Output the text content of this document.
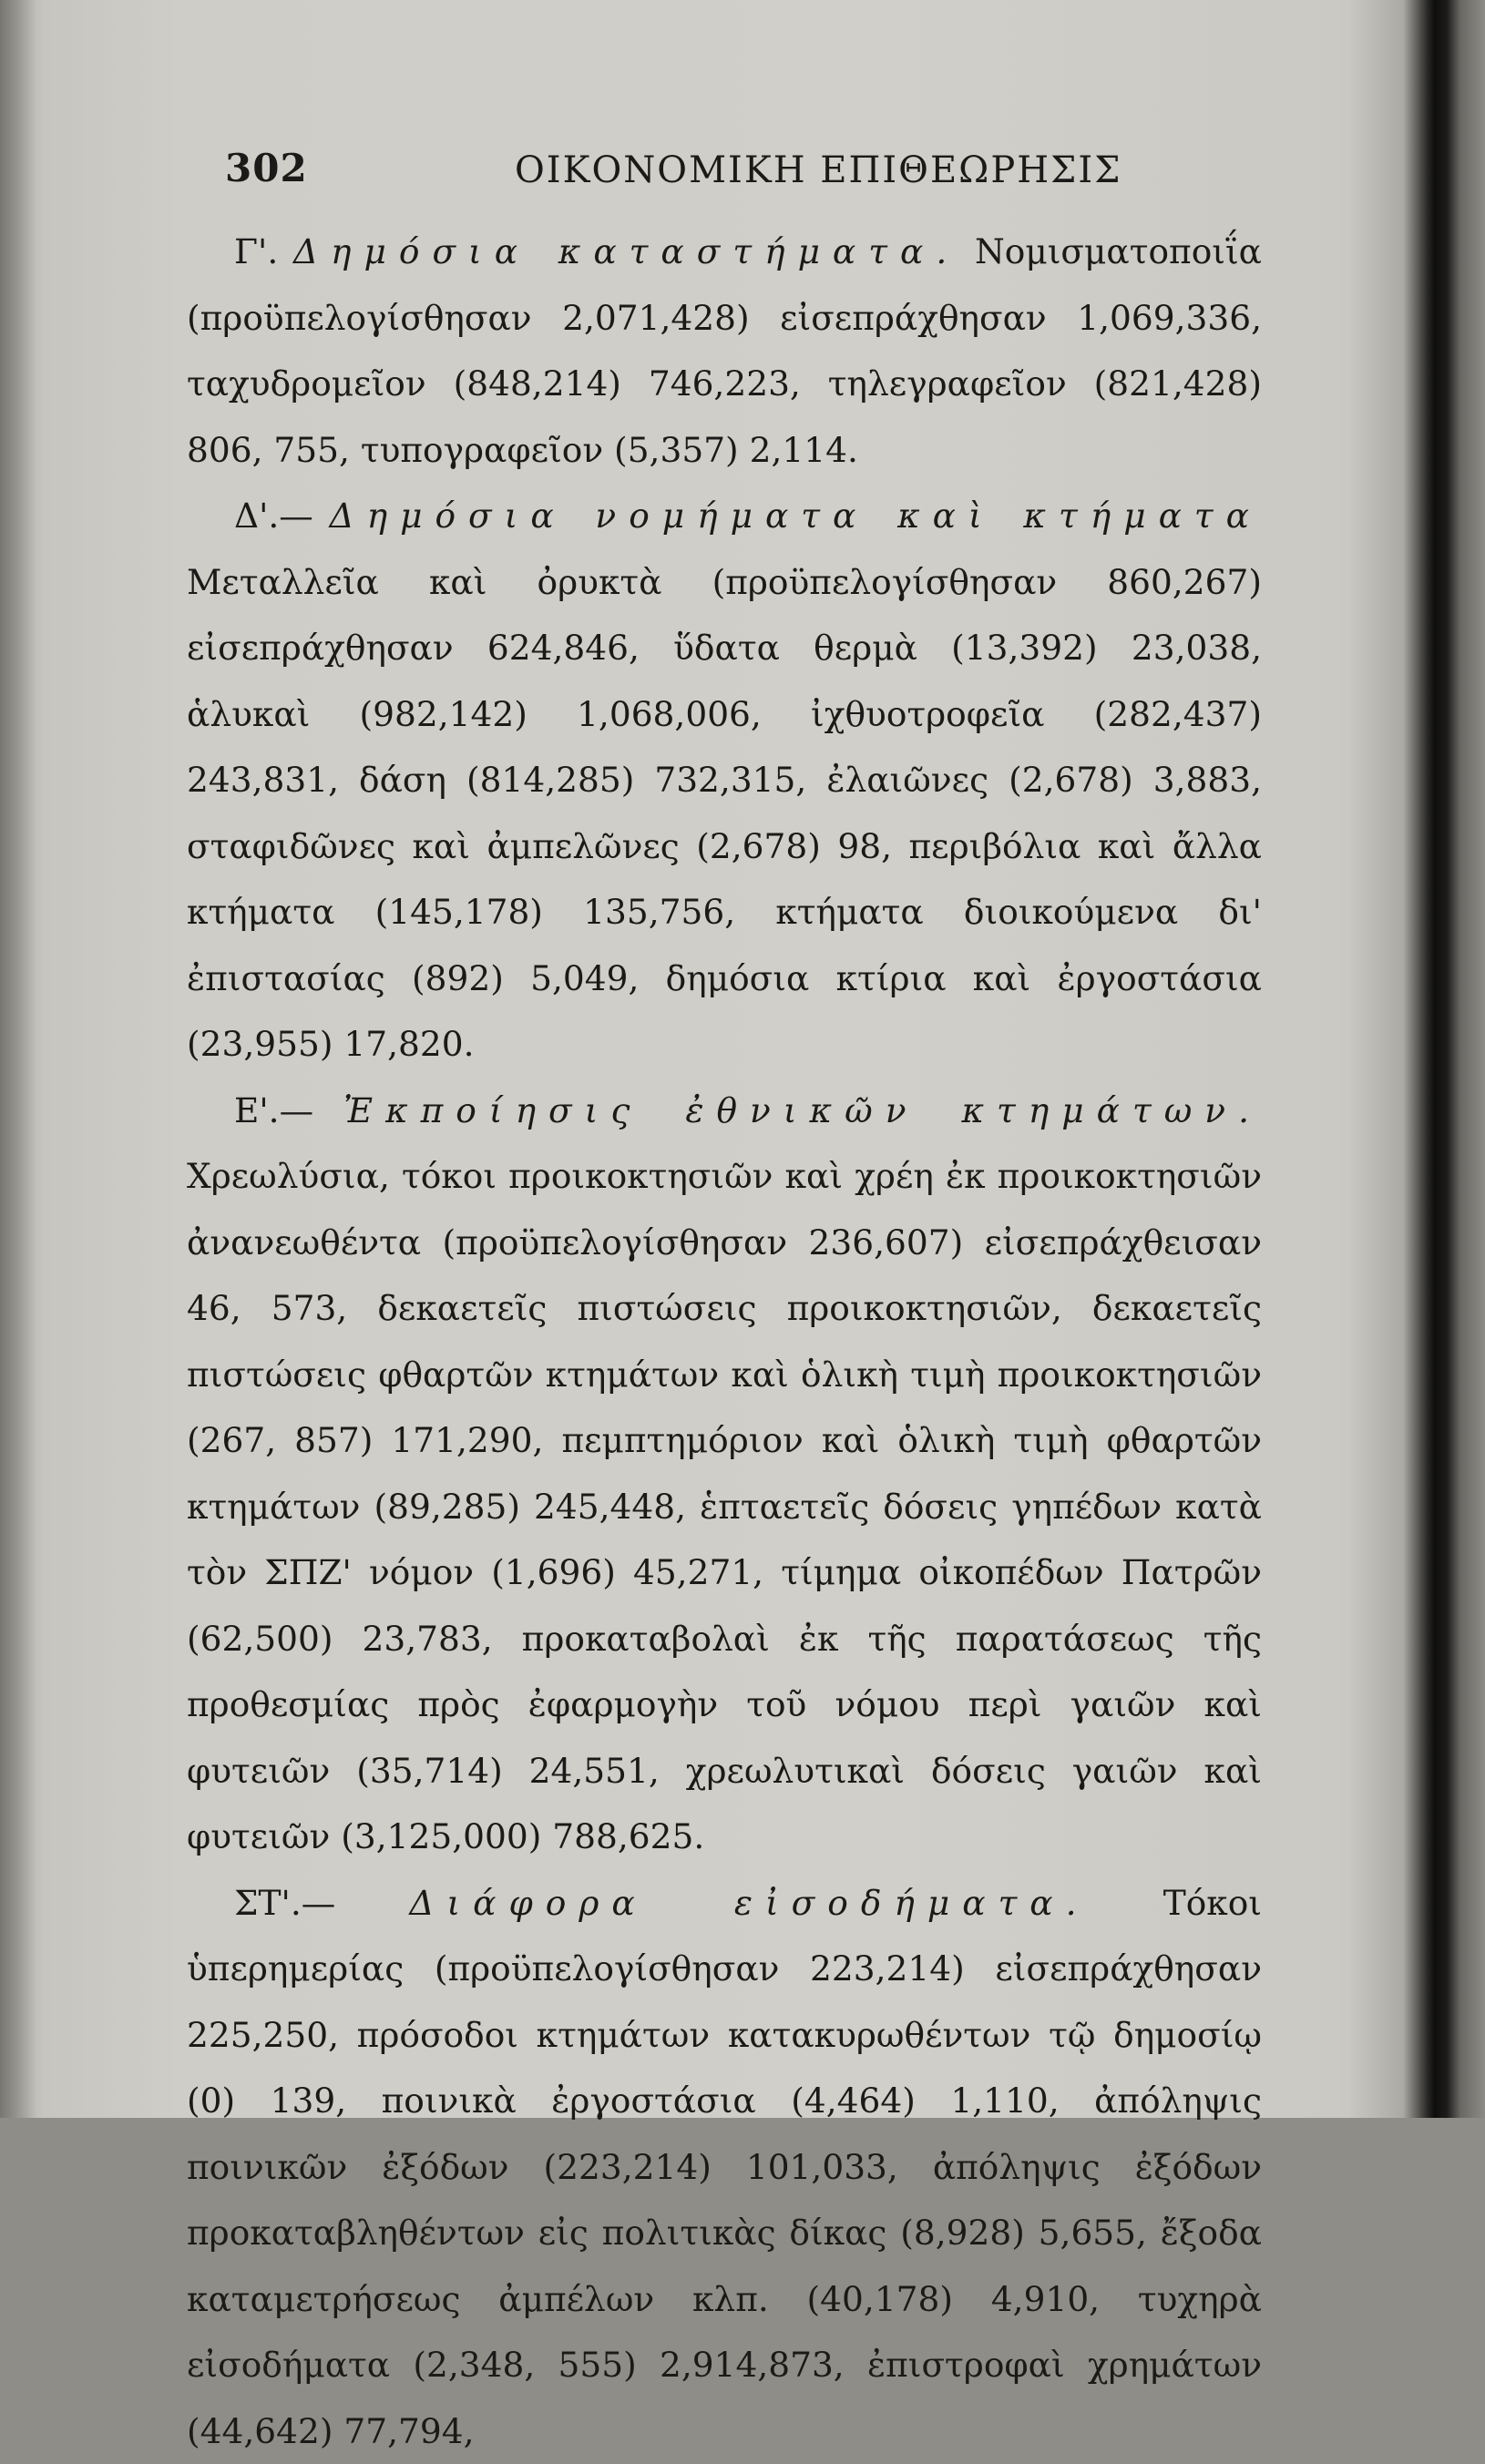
302	ΟΙΚΟΝΟΜΙΚΗ ΕΠΙΘΕΩΡΗΣΙΣ

Γ'. Δημόσια καταστήματα. Νομισματοποιΐα (προϋπελογίσθησαν 2,071,428) εἰσεπράχθησαν 1,069,336, ταχυδρομεῖον (848,214) 746,223, τηλεγραφεῖον (821,428) 806, 755, τυπογραφεῖον (5,357) 2,114.

Δ'.— Δημόσια νομήματα καὶ κτήματα Μεταλλεῖα καὶ ὀρυκτὰ (προϋπελογίσθησαν 860,267) εἰσεπράχθησαν 624,846, ὕδατα θερμὰ (13,392) 23,038, ἁλυκαὶ (982,142) 1,068,006, ἰχθυοτροφεῖα (282,437) 243,831, δάση (814,285) 732,315, ἐλαιῶνες (2,678) 3,883, σταφιδῶνες καὶ ἀμπελῶνες (2,678) 98, περιβόλια καὶ ἄλλα κτήματα (145,178) 135,756, κτήματα διοικούμενα δι' ἐπιστασίας (892) 5,049, δημόσια κτίρια καὶ ἐργοστάσια (23,955) 17,820.

Ε'.— Ἐκποίησις ἐθνικῶν κτημάτων. Χρεωλύσια, τόκοι προικοκτησιῶν καὶ χρέη ἐκ προικοκτησιῶν ἀνανεωθέντα (προϋπελογίσθησαν 236,607) εἰσεπράχθεισαν 46, 573, δεκαετεῖς πιστώσεις προικοκτησιῶν, δεκαετεῖς πιστώσεις φθαρτῶν κτημάτων καὶ ὁλικὴ τιμὴ προικοκτησιῶν (267, 857) 171,290, πεμπτημόριον καὶ ὁλικὴ τιμὴ φθαρτῶν κτημάτων (89,285) 245,448, ἑπταετεῖς δόσεις γηπέδων κατὰ τὸν ΣΠΖ' νόμον (1,696) 45,271, τίμημα οἰκοπέδων Πατρῶν (62,500) 23,783, προκαταβολαὶ ἐκ τῆς παρατάσεως τῆς προθεσμίας πρὸς ἐφαρμογὴν τοῦ νόμου περὶ γαιῶν καὶ φυτειῶν (35,714) 24,551, χρεωλυτικαὶ δόσεις γαιῶν καὶ φυτειῶν (3,125,000) 788,625.

ΣΤ'.— Διάφορα εἰσοδήματα. Τόκοι ὑπερημερίας (προϋπελογίσθησαν 223,214) εἰσεπράχθησαν 225,250, πρόσοδοι κτημάτων κατακυρωθέντων τῷ δημοσίῳ (0) 139, ποινικὰ ἐργοστάσια (4,464) 1,110, ἀπόληψις ποινικῶν ἐξόδων (223,214) 101,033, ἀπόληψις ἐξόδων προκαταβληθέντων εἰς πολιτικὰς δίκας (8,928) 5,655, ἔξοδα καταμετρήσεως ἀμπέλων κλπ. (40,178) 4,910, τυχηρὰ εἰσοδήματα (2,348, 555) 2,914,873, ἐπιστροφαὶ χρημάτων (44,642) 77,794,
